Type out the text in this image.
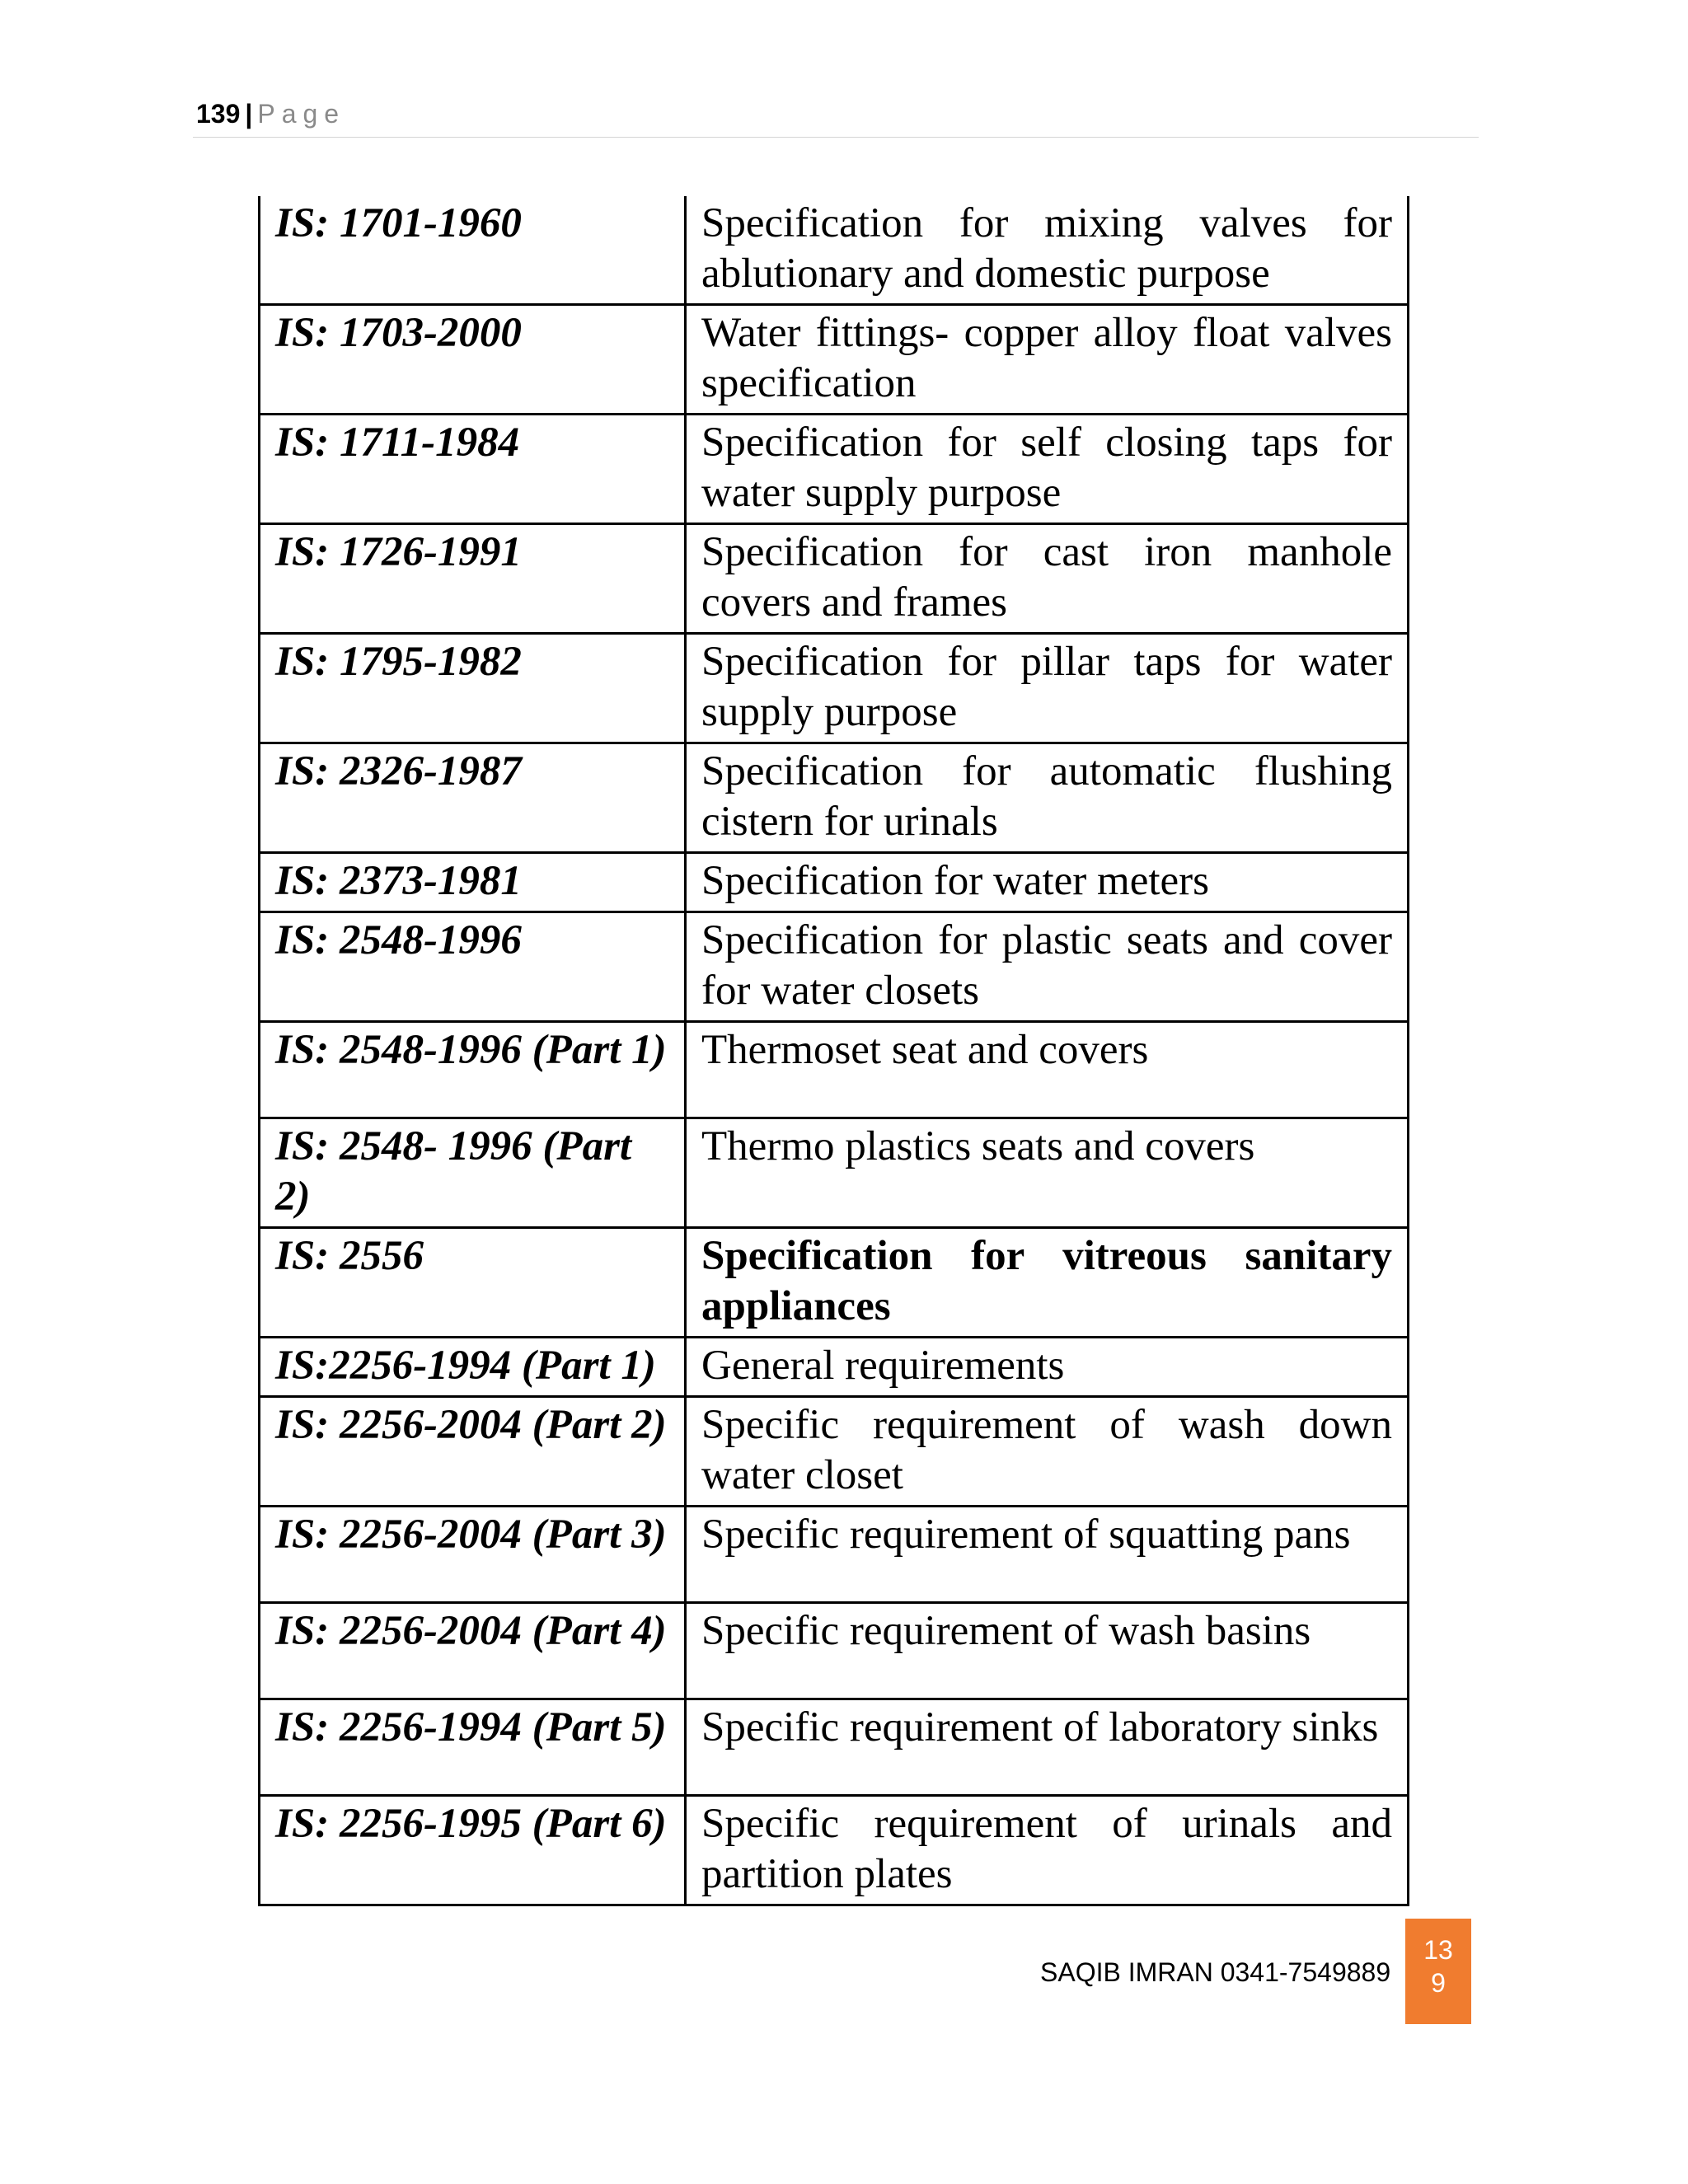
139 | Page
IS: 1701-1960	Specification for mixing valves for ablutionary and domestic purpose
IS: 1703-2000	Water fittings- copper alloy float valves specification
IS: 1711-1984	Specification for self closing taps for water supply purpose
IS: 1726-1991	Specification for cast iron manhole covers and frames
IS: 1795-1982	Specification for pillar taps for water supply purpose
IS: 2326-1987	Specification for automatic flushing cistern for urinals
IS: 2373-1981	Specification for water meters
IS: 2548-1996	Specification for plastic seats and cover for water closets
IS: 2548-1996 (Part 1)	Thermoset seat and covers
IS: 2548- 1996 (Part 2)	Thermo plastics seats and covers
IS: 2556	Specification for vitreous sanitary appliances
IS:2256-1994 (Part 1)	General requirements
IS: 2256-2004 (Part 2)	Specific requirement of wash down water closet
IS: 2256-2004 (Part 3)	Specific requirement of squatting pans
IS: 2256-2004 (Part 4)	Specific requirement of wash basins
IS: 2256-1994 (Part 5)	Specific requirement of laboratory sinks
IS: 2256-1995 (Part 6)	Specific requirement of urinals and partition plates
SAQIB IMRAN 0341-7549889
13
9
